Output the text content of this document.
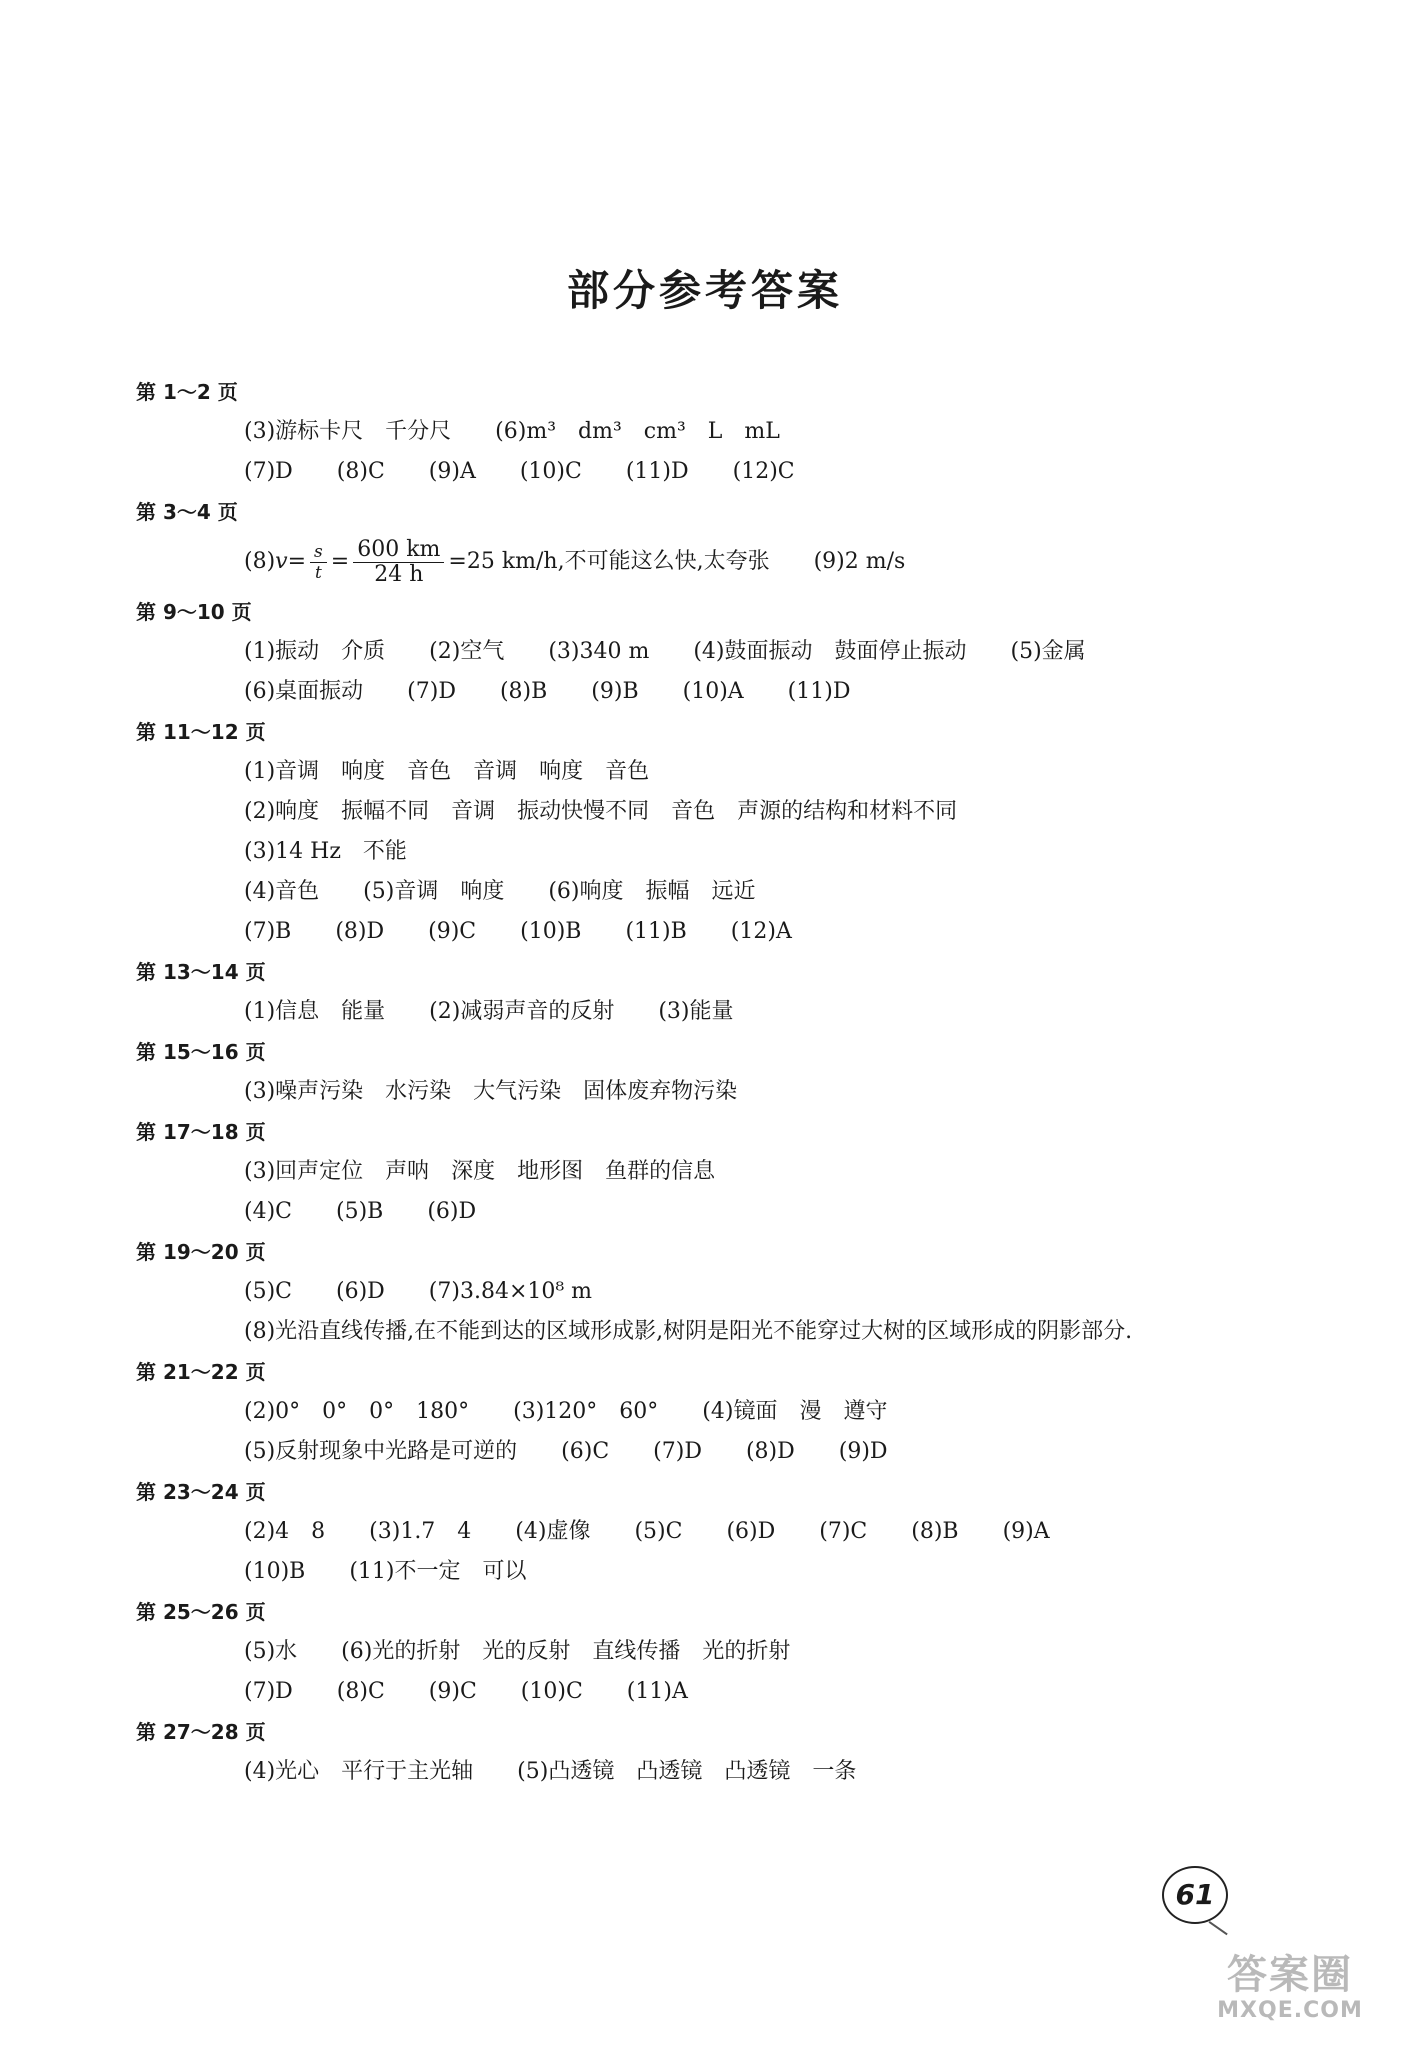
部分参考答案
第 1～2 页
(3)游标卡尺　千分尺　　(6)m³　dm³　cm³　L　mL
(7)D　　(8)C　　(9)A　　(10)C　　(11)D　　(12)C
第 3～4 页
(8) $v = \frac{s}{t} = \frac{600 km}{24 h} =25$ km/h,不可能这么快,太夸张　　(9)2 m/s
第 9～10 页
(1)振动　介质　　(2)空气　　(3)340 m　　(4)鼓面振动　鼓面停止振动　　(5)金属
(6)桌面振动　　(7)D　　(8)B　　(9)B　　(10)A　　(11)D
第 11～12 页
(1)音调　响度　音色　音调　响度　音色
(2)响度　振幅不同　音调　振动快慢不同　音色　声源的结构和材料不同
(3)14 Hz　不能
(4)音色　　(5)音调　响度　　(6)响度　振幅　远近
(7)B　　(8)D　　(9)C　　(10)B　　(11)B　　(12)A
第 13～14 页
(1)信息　能量　　(2)减弱声音的反射　　(3)能量
第 15～16 页
(3)噪声污染　水污染　大气污染　固体废弃物污染
第 17～18 页
(3)回声定位　声呐　深度　地形图　鱼群的信息
(4)C　　(5)B　　(6)D
第 19～20 页
(5)C　　(6)D　　(7)3.84×10⁸ m
(8)光沿直线传播,在不能到达的区域形成影,树阴是阳光不能穿过大树的区域形成的阴影部分.
第 21～22 页
(2)0°　0°　0°　180°　　(3)120°　60°　　(4)镜面　漫　遵守
(5)反射现象中光路是可逆的　　(6)C　　(7)D　　(8)D　　(9)D
第 23～24 页
(2)4　8　　(3)1.7　4　　(4)虚像　　(5)C　　(6)D　　(7)C　　(8)B　　(9)A
(10)B　　(11)不一定　可以
第 25～26 页
(5)水　　(6)光的折射　光的反射　直线传播　光的折射
(7)D　　(8)C　　(9)C　　(10)C　　(11)A
第 27～28 页
(4)光心　平行于主光轴　　(5)凸透镜　凸透镜　凸透镜　一条
61
答案圈
MXQE.COM
